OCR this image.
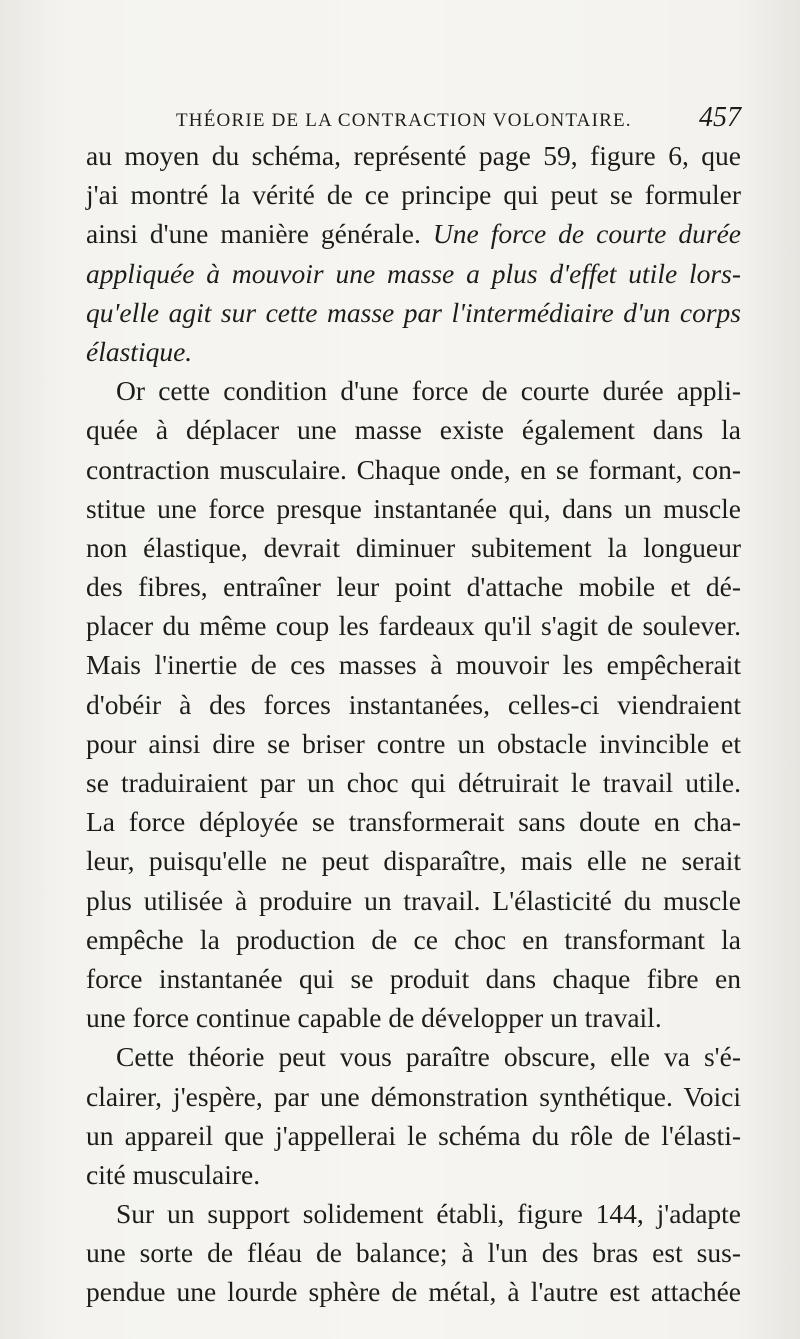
THÉORIE DE LA CONTRACTION VOLONTAIRE. 457
au moyen du schéma, représenté page 59, figure 6, que
j'ai montré la vérité de ce principe qui peut se formuler
ainsi d'une manière générale. Une force de courte durée
appliquée à mouvoir une masse a plus d'effet utile lors-
qu'elle agit sur cette masse par l'intermédiaire d'un corps
élastique.
Or cette condition d'une force de courte durée appli-
quée à déplacer une masse existe également dans la
contraction musculaire. Chaque onde, en se formant, con-
stitue une force presque instantanée qui, dans un muscle
non élastique, devrait diminuer subitement la longueur
des fibres, entraîner leur point d'attache mobile et dé-
placer du même coup les fardeaux qu'il s'agit de soulever.
Mais l'inertie de ces masses à mouvoir les empêcherait
d'obéir à des forces instantanées, celles-ci viendraient
pour ainsi dire se briser contre un obstacle invincible et
se traduiraient par un choc qui détruirait le travail utile.
La force déployée se transformerait sans doute en cha-
leur, puisqu'elle ne peut disparaître, mais elle ne serait
plus utilisée à produire un travail. L'élasticité du muscle
empêche la production de ce choc en transformant la
force instantanée qui se produit dans chaque fibre en
une force continue capable de développer un travail.
Cette théorie peut vous paraître obscure, elle va s'é-
clairer, j'espère, par une démonstration synthétique. Voici
un appareil que j'appellerai le schéma du rôle de l'élasti-
cité musculaire.
Sur un support solidement établi, figure 144, j'adapte
une sorte de fléau de balance; à l'un des bras est sus-
pendue une lourde sphère de métal, à l'autre est attachée
